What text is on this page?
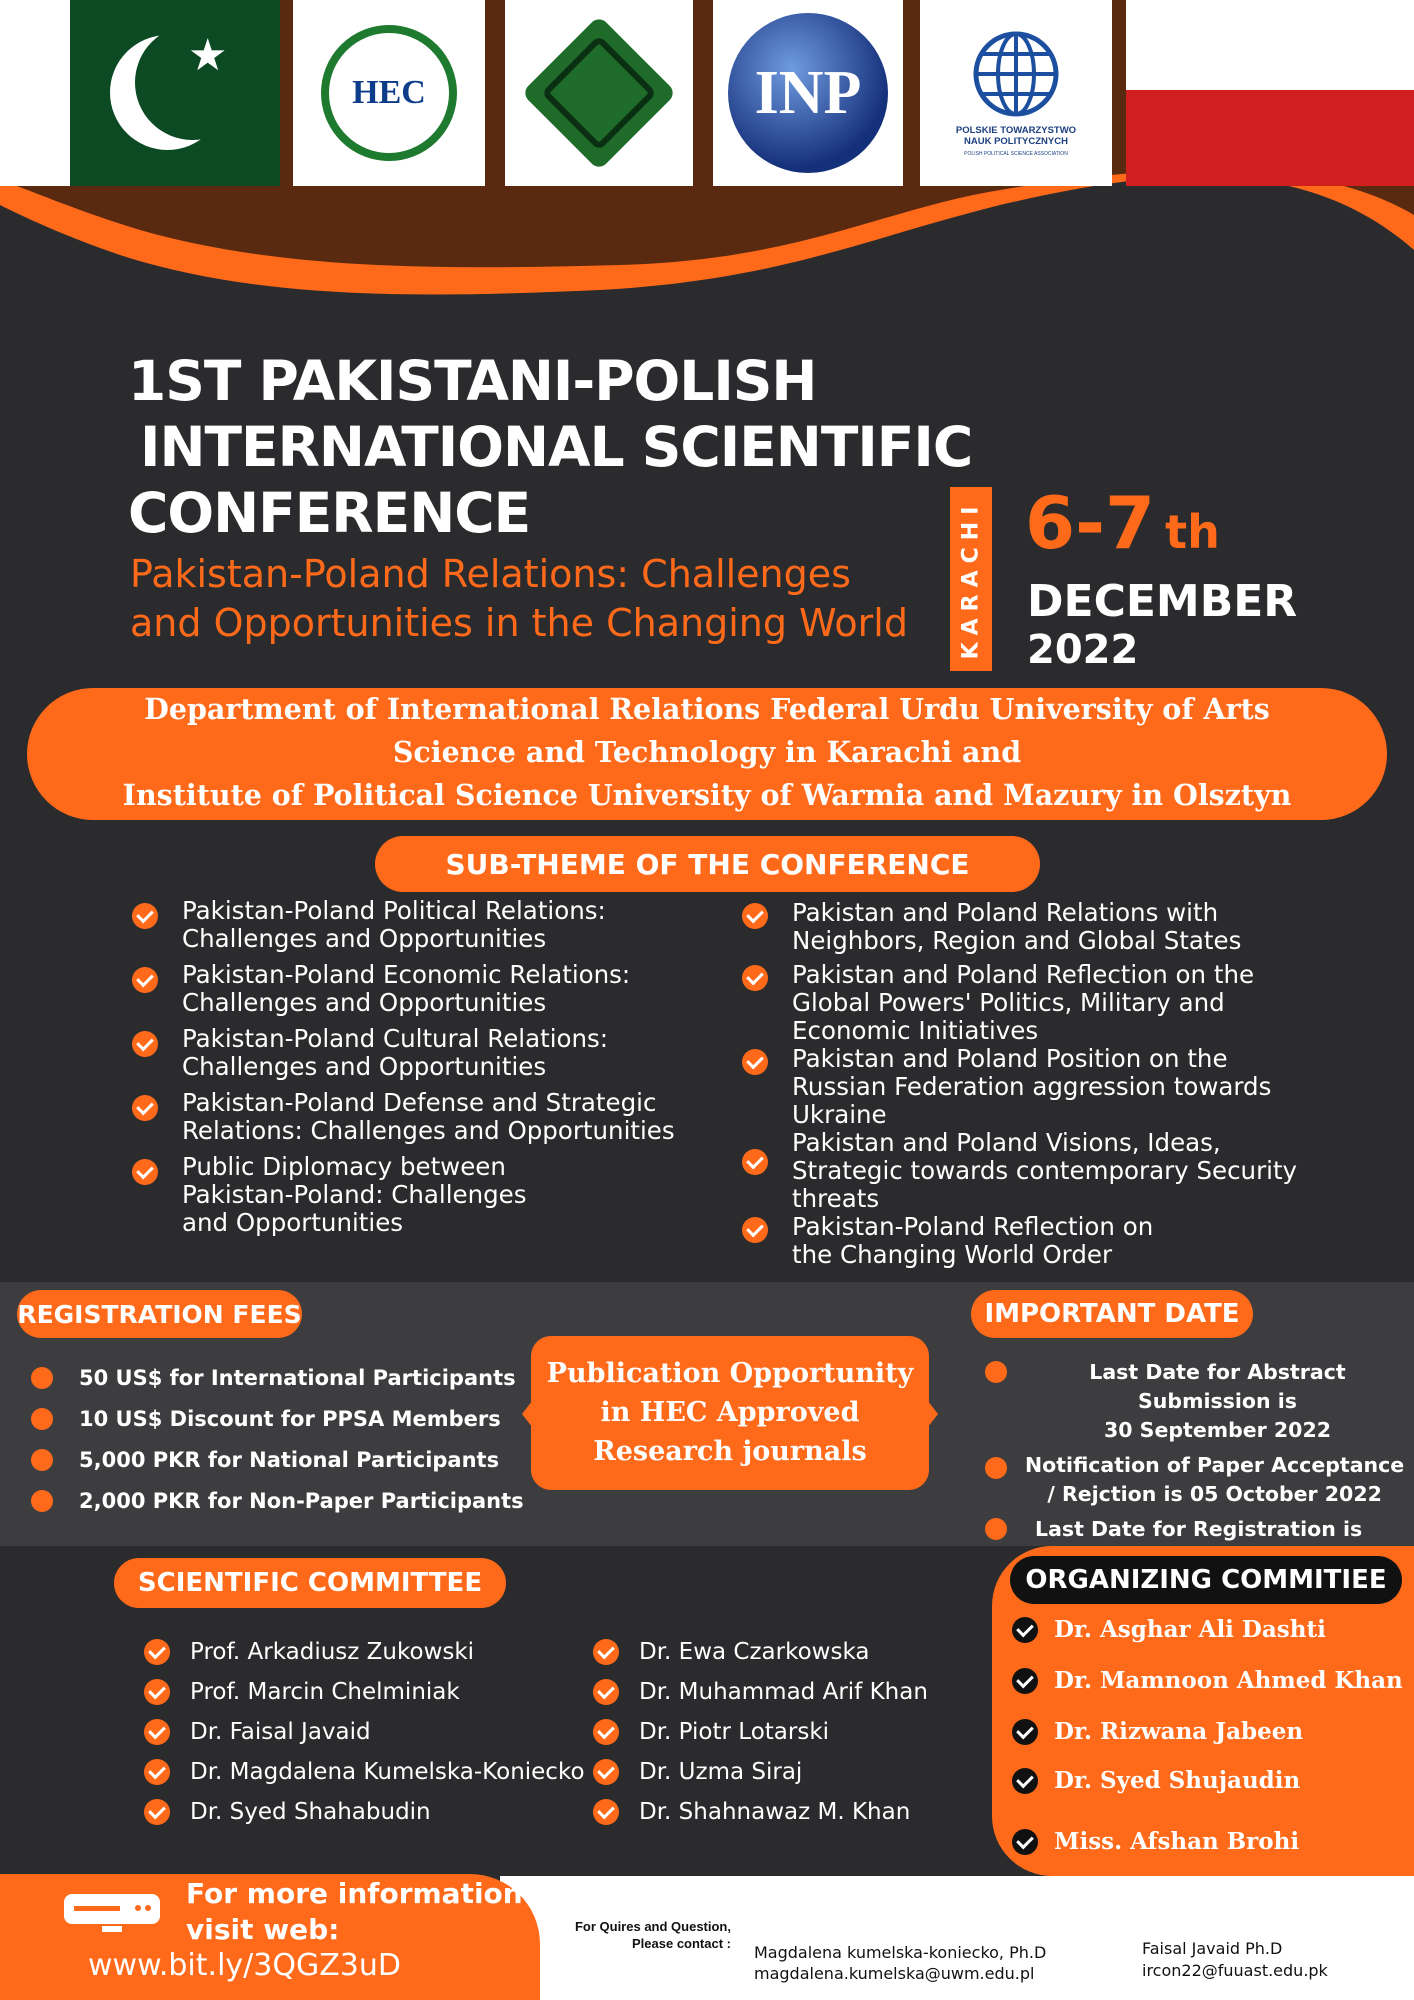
★
HEC	INP
POLSKIE TOWARZYSTWO
NAUK POLITYCZNYCH
POLISH POLITICAL SCIENCE ASSOCIATION
1ST PAKISTANI-POLISH
INTERNATIONAL SCIENTIFIC
CONFERENCE
Pakistan-Poland Relations: Challenges
and Opportunities in the Changing World KARACHI 6-7 th
DECEMBER
2022
Department of International Relations Federal Urdu University of Arts
Science and Technology in Karachi and
Institute of Political Science University of Warmia and Mazury in Olsztyn
SUB-THEME OF THE CONFERENCE
Pakistan-Poland Political Relations:
Challenges and Opportunities
Pakistan-Poland Economic Relations:
Challenges and Opportunities
Pakistan-Poland Cultural Relations:
Challenges and Opportunities
Pakistan-Poland Defense and Strategic
Relations: Challenges and Opportunities
Public Diplomacy between
Pakistan-Poland: Challenges
and Opportunities
Pakistan and Poland Relations with
Neighbors, Region and Global States
Pakistan and Poland Reflection on the
Global Powers' Politics, Military and
Economic Initiatives
Pakistan and Poland Position on the
Russian Federation aggression towards
Ukraine
Pakistan and Poland Visions, Ideas,
Strategic towards contemporary Security
threats
Pakistan-Poland Reflection on
the Changing World Order
REGISTRATION FEES
50 US$ for International Participants
10 US$ Discount for PPSA Members
5,000 PKR for National Participants
2,000 PKR for Non-Paper Participants
Publication Opportunity
in HEC Approved
Research journals
IMPORTANT DATE
Last Date for Abstract Submission is
30 September 2022
Notification of Paper Acceptance
/ Rejction is 05 October 2022
Last Date for Registration is
SCIENTIFIC COMMITTEE
Prof. Arkadiusz Zukowski
Prof. Marcin Chelminiak
Dr. Faisal Javaid
Dr. Magdalena Kumelska-Koniecko
Dr. Syed Shahabudin
Dr. Ewa Czarkowska
Dr. Muhammad Arif Khan
Dr. Piotr Lotarski
Dr. Uzma Siraj
Dr. Shahnawaz M. Khan
ORGANIZING COMMITIEE
Dr. Asghar Ali Dashti
Dr. Mamnoon Ahmed Khan
Dr. Rizwana Jabeen
Dr. Syed Shujaudin
Miss. Afshan Brohi
For more information
visit web:
www.bit.ly/3QGZ3uD
For Quires and Question,
Please contact : Magdalena kumelska-koniecko, Ph.D
magdalena.kumelska@uwm.edu.pl
Faisal Javaid Ph.D
ircon22@fuuast.edu.pk
